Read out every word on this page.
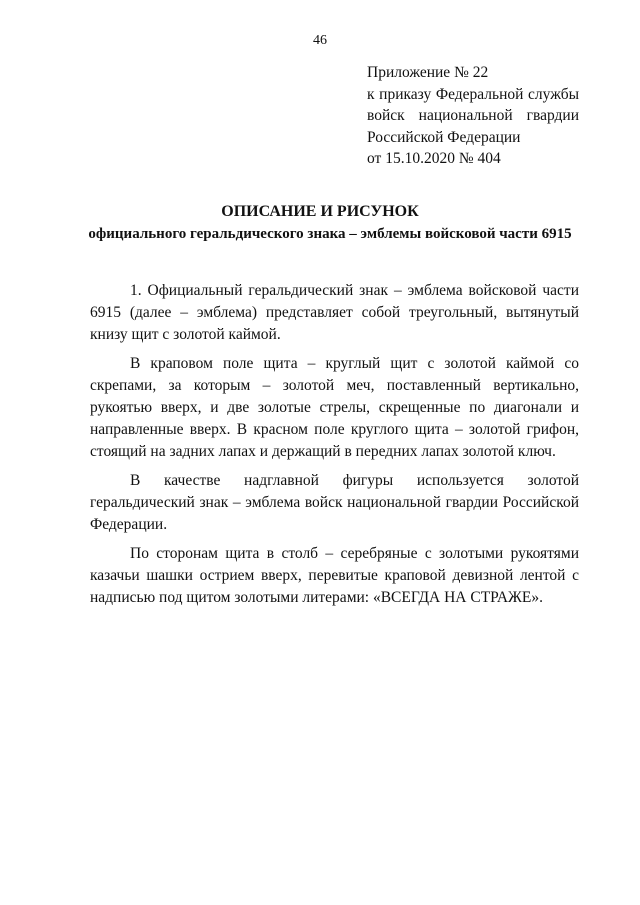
46
Приложение № 22
к приказу Федеральной службы
войск национальной гвардии
Российской Федерации
от 15.10.2020 № 404
ОПИСАНИЕ И РИСУНОК
официального геральдического знака – эмблемы войсковой части 6915

1. Официальный геральдический знак – эмблема войсковой части 6915 (далее – эмблема) представляет собой треугольный, вытянутый книзу щит с золотой каймой.

В краповом поле щита – круглый щит с золотой каймой со скрепами, за которым – золотой меч, поставленный вертикально, рукоятью вверх, и две золотые стрелы, скрещенные по диагонали и направленные вверх. В красном поле круглого щита – золотой грифон, стоящий на задних лапах и держащий в передних лапах золотой ключ.

В качестве надглавной фигуры используется золотой геральдический знак – эмблема войск национальной гвардии Российской Федерации.

По сторонам щита в столб – серебряные с золотыми рукоятями казачьи шашки острием вверх, перевитые краповой девизной лентой с надписью под щитом золотыми литерами: «ВСЕГДА НА СТРАЖЕ».
